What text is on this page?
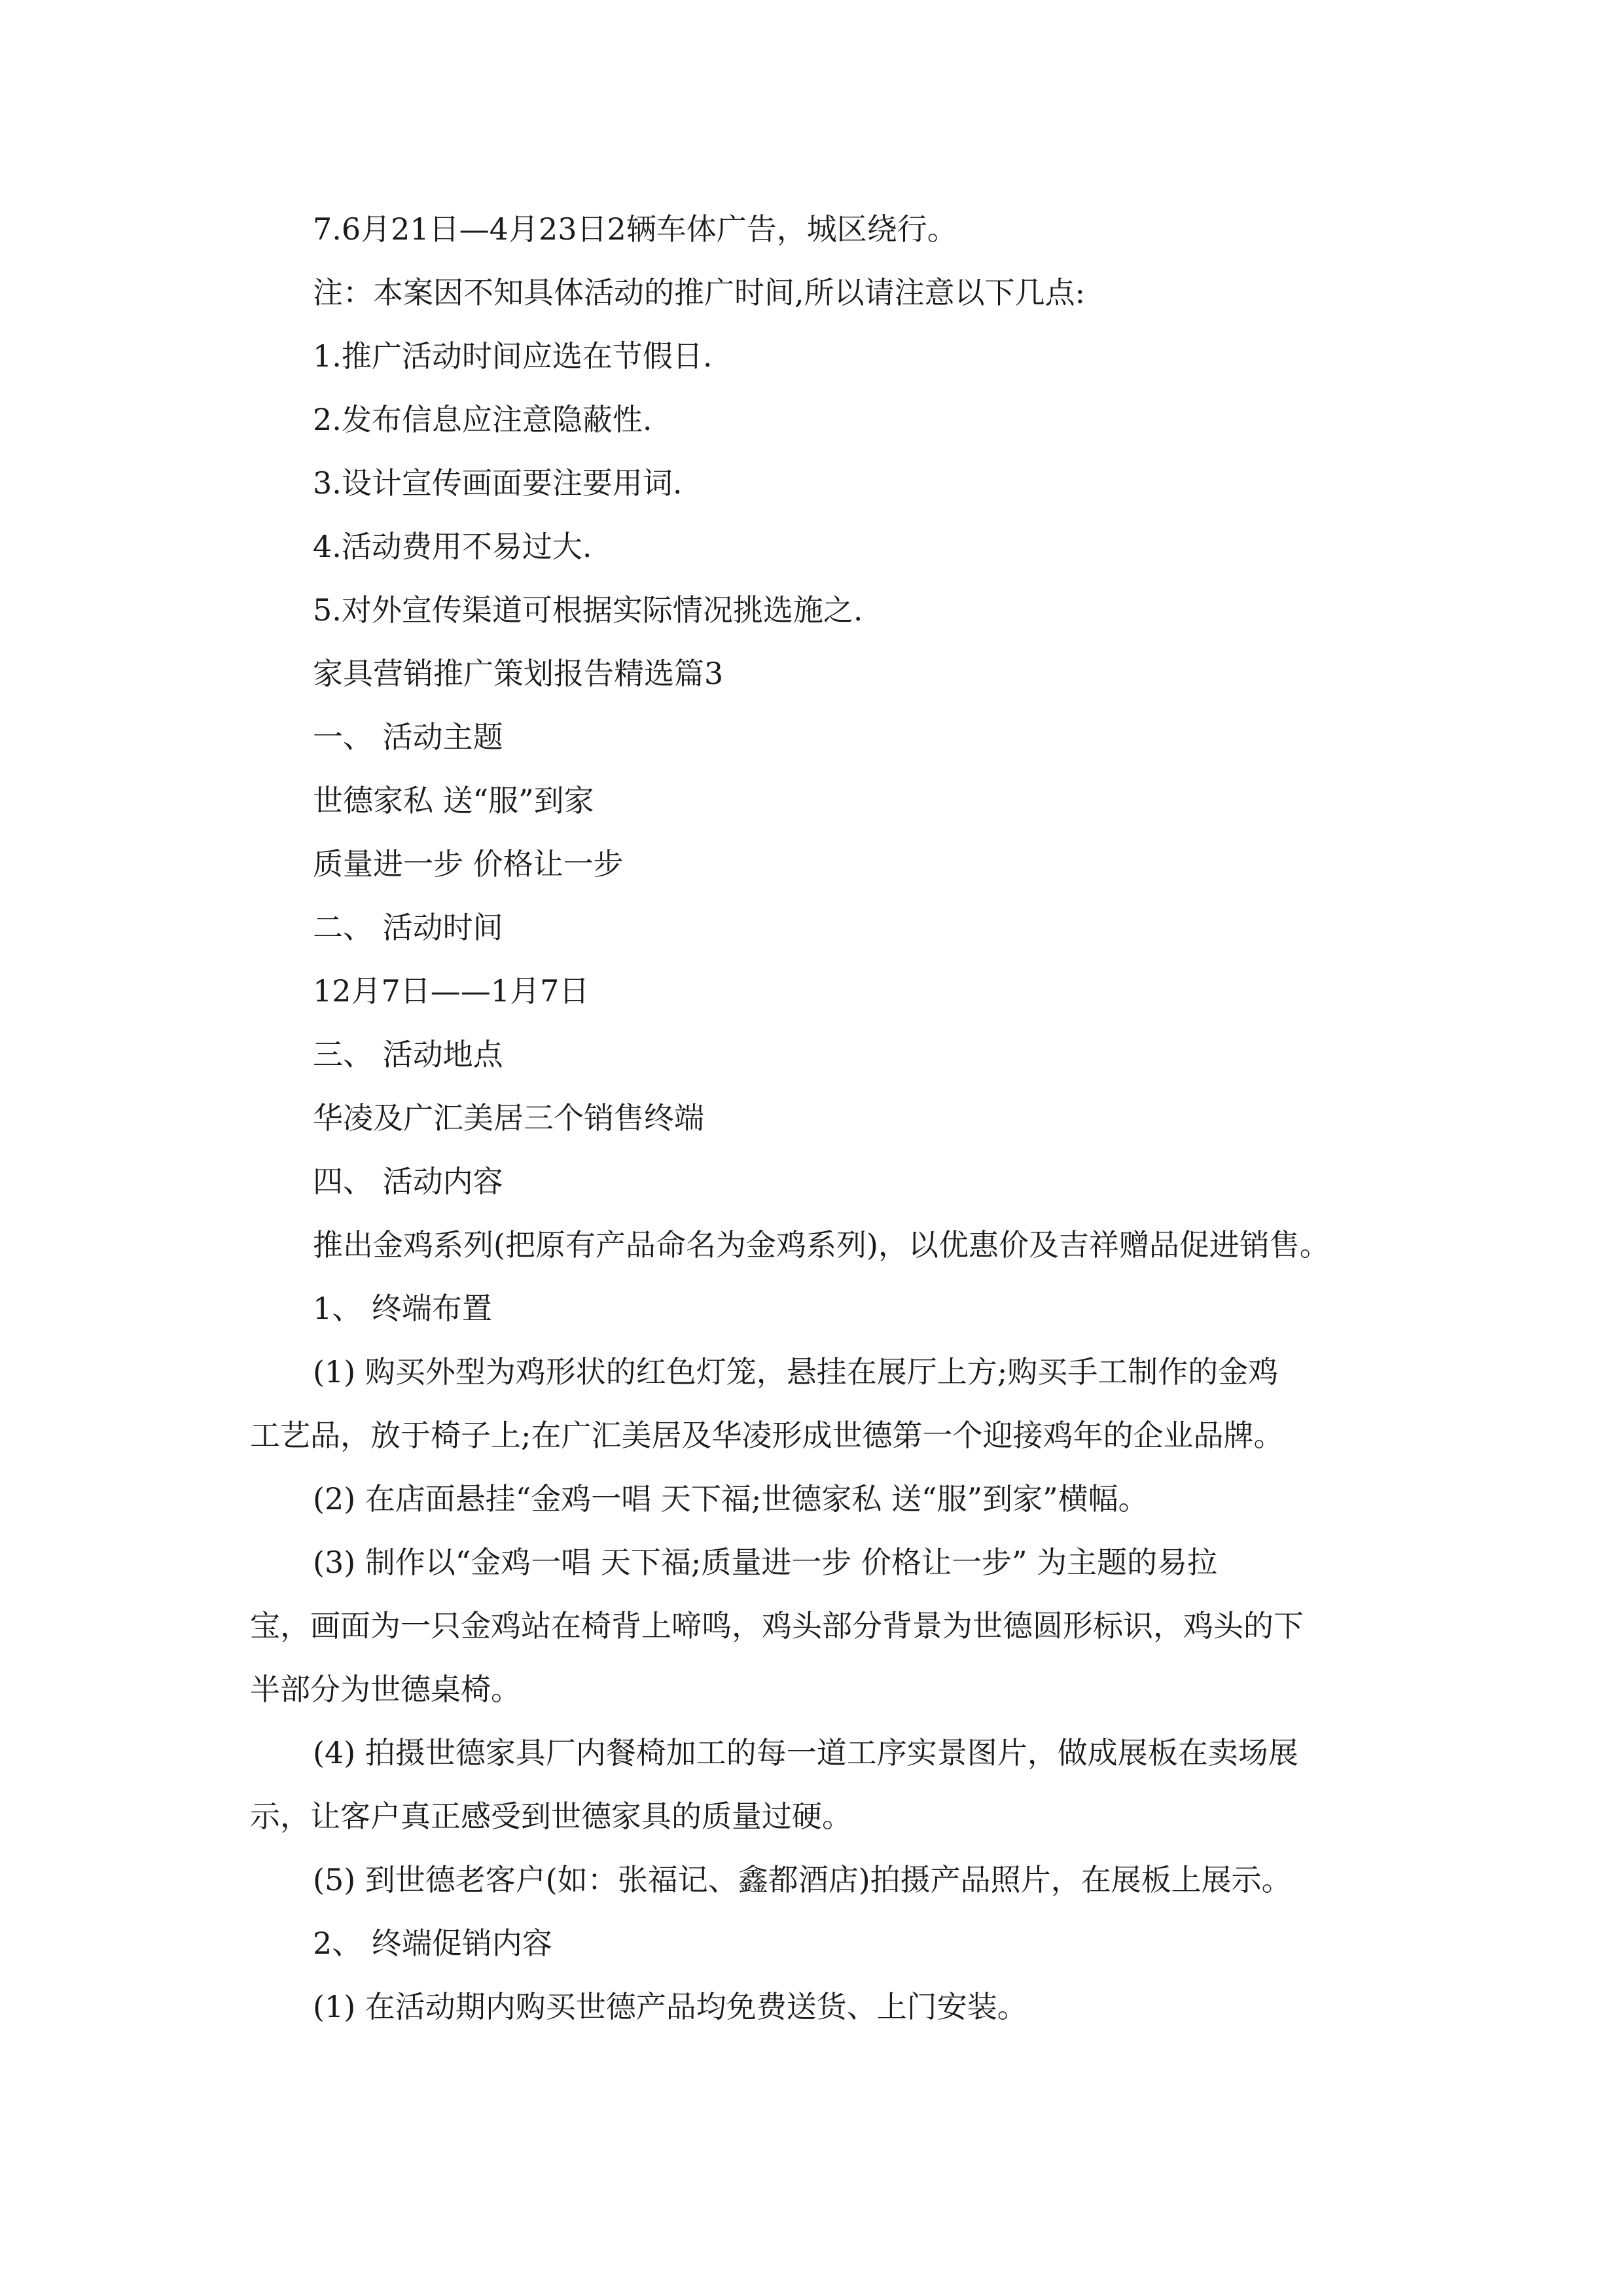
7.6月21日—4月23日2辆车体广告，城区绕行。

注：本案因不知具体活动的推广时间,所以请注意以下几点:

1.推广活动时间应选在节假日.

2.发布信息应注意隐蔽性.

3.设计宣传画面要注要用词.

4.活动费用不易过大.

5.对外宣传渠道可根据实际情况挑选施之.

家具营销推广策划报告精选篇3

一、 活动主题

世德家私 送“服”到家

质量进一步 价格让一步

二、 活动时间

12月7日——1月7日

三、 活动地点

华凌及广汇美居三个销售终端

四、 活动内容

推出金鸡系列(把原有产品命名为金鸡系列)，以优惠价及吉祥赠品促进销售。

1、 终端布置

(1) 购买外型为鸡形状的红色灯笼，悬挂在展厅上方;购买手工制作的金鸡

工艺品，放于椅子上;在广汇美居及华凌形成世德第一个迎接鸡年的企业品牌。

(2) 在店面悬挂“金鸡一唱 天下福;世德家私 送“服”到家”横幅。

(3) 制作以“金鸡一唱 天下福;质量进一步 价格让一步” 为主题的易拉

宝，画面为一只金鸡站在椅背上啼鸣，鸡头部分背景为世德圆形标识，鸡头的下

半部分为世德桌椅。

(4) 拍摄世德家具厂内餐椅加工的每一道工序实景图片，做成展板在卖场展

示，让客户真正感受到世德家具的质量过硬。

(5) 到世德老客户(如：张福记、鑫都酒店)拍摄产品照片，在展板上展示。

2、 终端促销内容

(1) 在活动期内购买世德产品均免费送货、上门安装。
